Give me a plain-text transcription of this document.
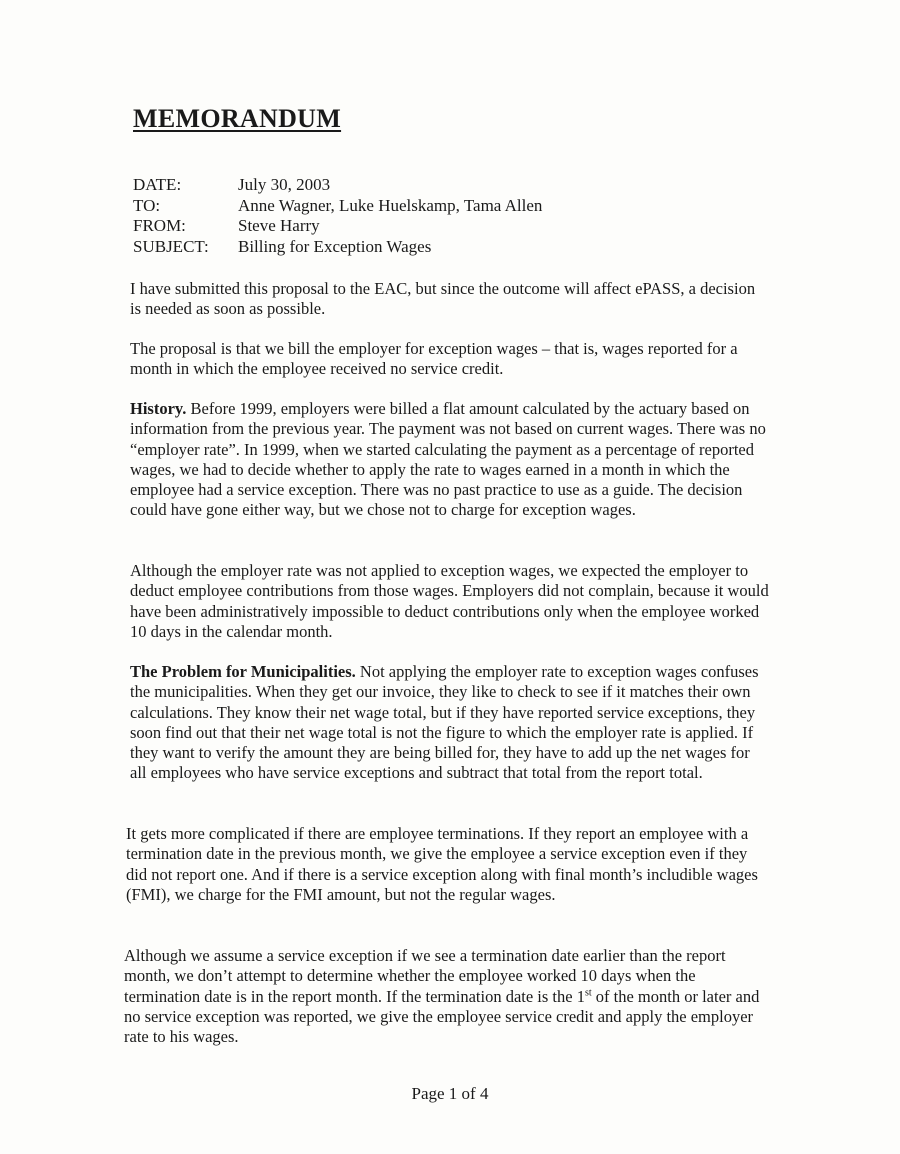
MEMORANDUM
DATE:	July 30, 2003
TO:	Anne Wagner, Luke Huelskamp, Tama Allen
FROM:	Steve Harry
SUBJECT:	Billing for Exception Wages

I have submitted this proposal to the EAC, but since the outcome will affect ePASS, a decision is needed as soon as possible.

The proposal is that we bill the employer for exception wages – that is, wages reported for a month in which the employee received no service credit.

History. Before 1999, employers were billed a flat amount calculated by the actuary based on information from the previous year. The payment was not based on current wages. There was no “employer rate”. In 1999, when we started calculating the payment as a percentage of reported wages, we had to decide whether to apply the rate to wages earned in a month in which the employee had a service exception. There was no past practice to use as a guide. The decision could have gone either way, but we chose not to charge for exception wages.

Although the employer rate was not applied to exception wages, we expected the employer to deduct employee contributions from those wages. Employers did not complain, because it would have been administratively impossible to deduct contributions only when the employee worked 10 days in the calendar month.

The Problem for Municipalities. Not applying the employer rate to exception wages confuses the municipalities. When they get our invoice, they like to check to see if it matches their own calculations. They know their net wage total, but if they have reported service exceptions, they soon find out that their net wage total is not the figure to which the employer rate is applied. If they want to verify the amount they are being billed for, they have to add up the net wages for all employees who have service exceptions and subtract that total from the report total.

It gets more complicated if there are employee terminations. If they report an employee with a termination date in the previous month, we give the employee a service exception even if they did not report one. And if there is a service exception along with final month’s includible wages (FMI), we charge for the FMI amount, but not the regular wages.

Although we assume a service exception if we see a termination date earlier than the report month, we don’t attempt to determine whether the employee worked 10 days when the termination date is in the report month. If the termination date is the 1st of the month or later and no service exception was reported, we give the employee service credit and apply the employer rate to his wages.

Page 1 of 4
